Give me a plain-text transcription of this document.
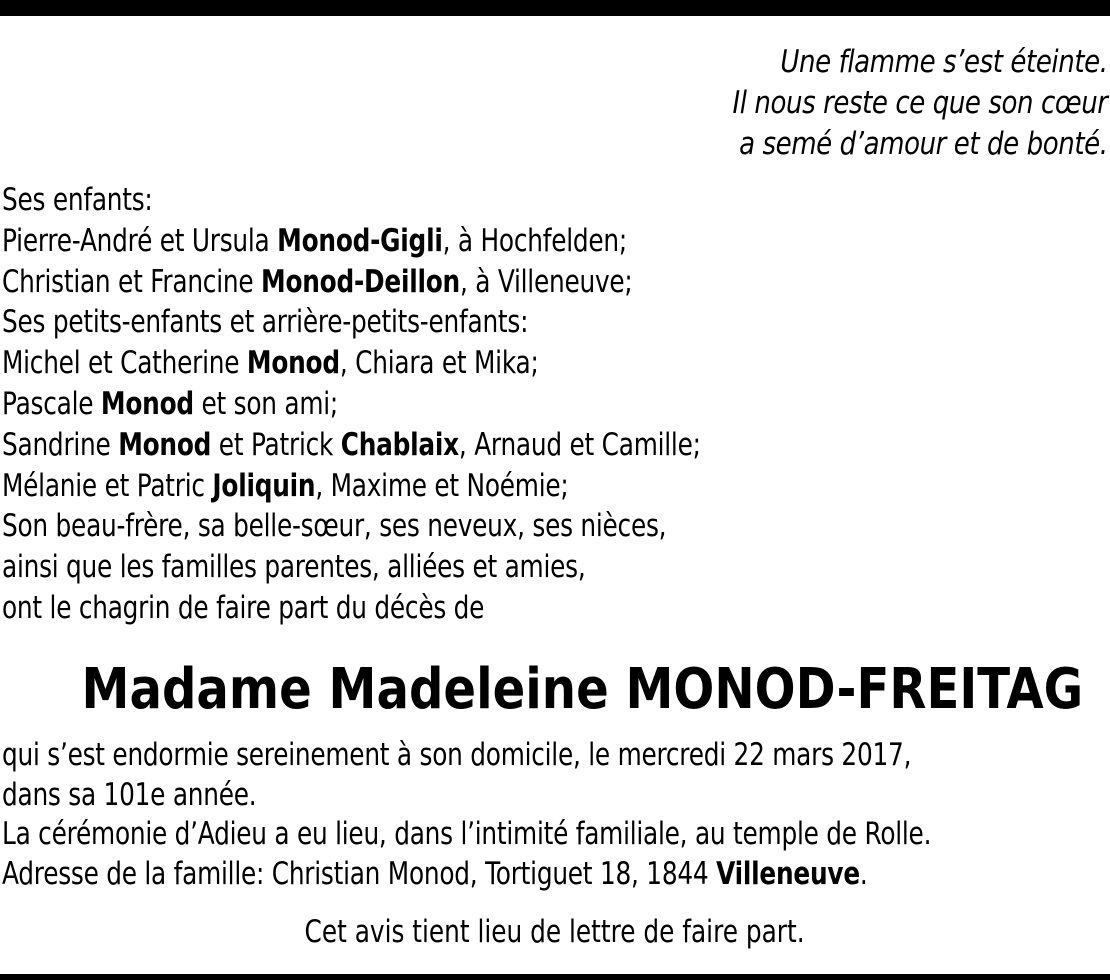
Une flamme s’est éteinte.
Il nous reste ce que son cœur
a semé d’amour et de bonté.
Ses enfants:
Pierre-André et Ursula Monod-Gigli, à Hochfelden;
Christian et Francine Monod-Deillon, à Villeneuve;
Ses petits-enfants et arrière-petits-enfants:
Michel et Catherine Monod, Chiara et Mika;
Pascale Monod et son ami;
Sandrine Monod et Patrick Chablaix, Arnaud et Camille;
Mélanie et Patric Joliquin, Maxime et Noémie;
Son beau-frère, sa belle-sœur, ses neveux, ses nièces,
ainsi que les familles parentes, alliées et amies,
ont le chagrin de faire part du décès de
Madame Madeleine MONOD-FREITAG
qui s’est endormie sereinement à son domicile, le mercredi 22 mars 2017,
dans sa 101e année.
La cérémonie d’Adieu a eu lieu, dans l’intimité familiale, au temple de Rolle.
Adresse de la famille: Christian Monod, Tortiguet 18, 1844 Villeneuve.
Cet avis tient lieu de lettre de faire part.
